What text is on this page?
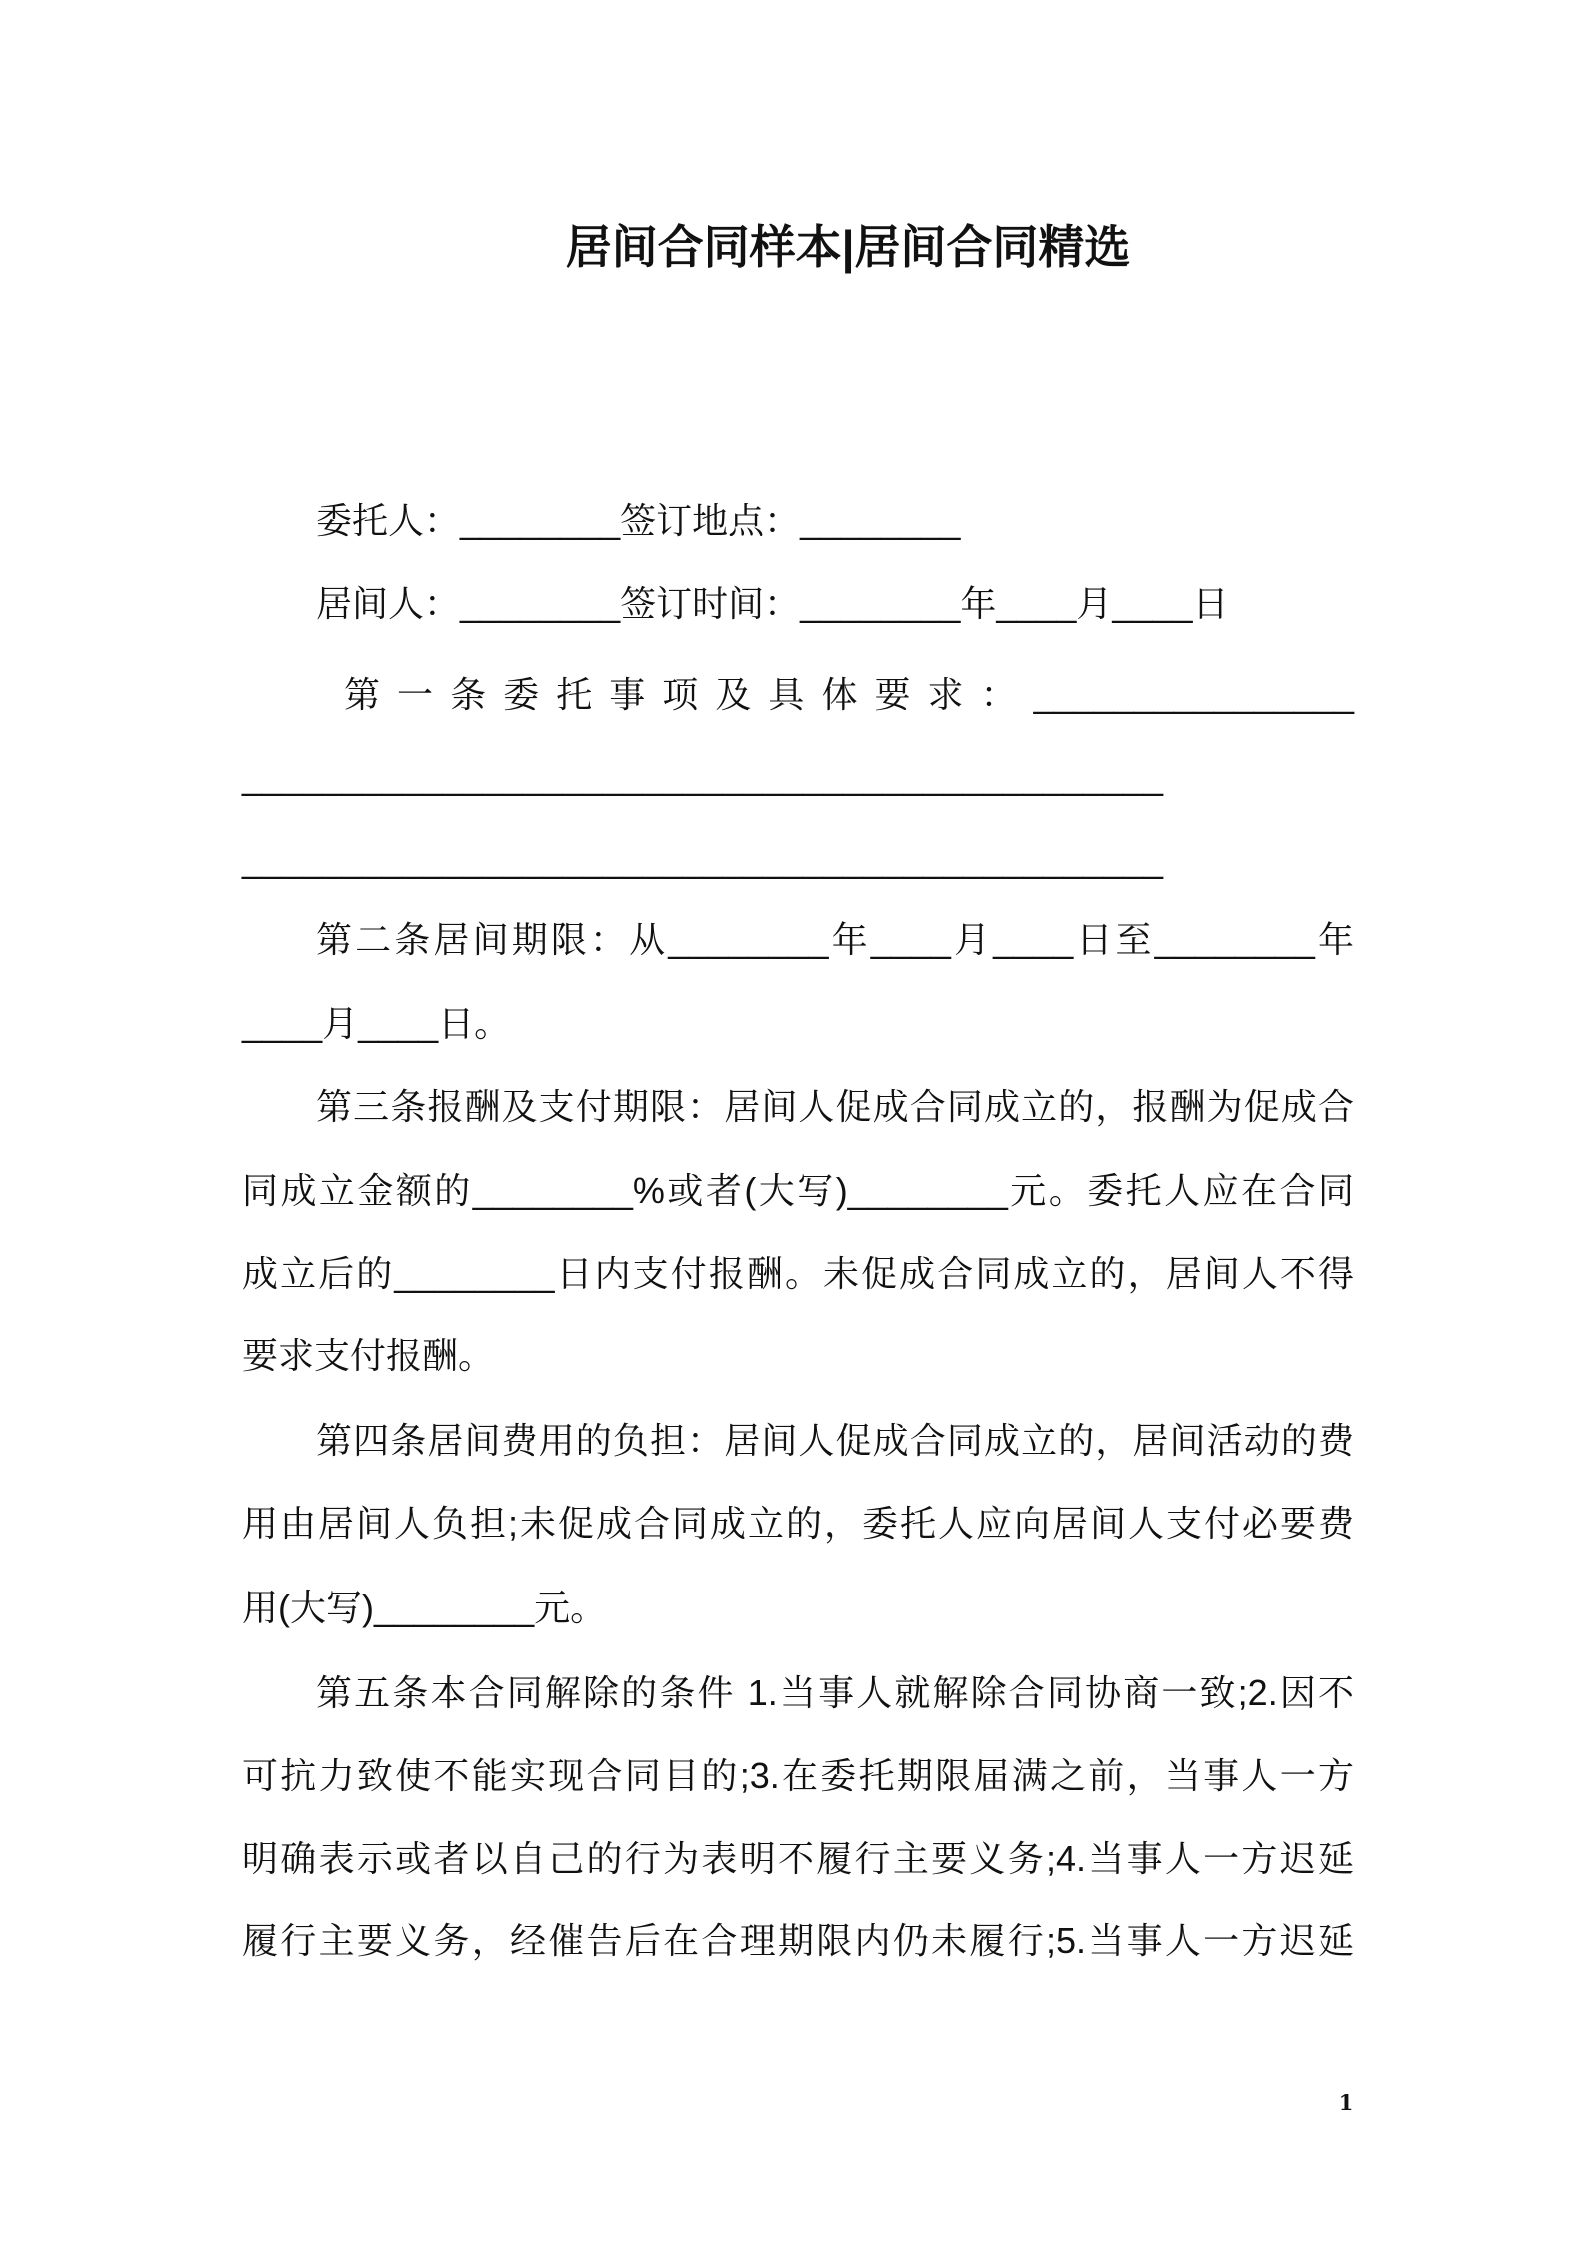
居间合同样本|居间合同精选

委托人：________签订地点：________

居间人：________签订时间：________年____月____日

第一条委托事项及具体要求：________________

______________________________________________

______________________________________________

第二条居间期限：从________年____月____日至________年

____月____日。

第三条报酬及支付期限：居间人促成合同成立的，报酬为促成合

同成立金额的________%或者(大写)________元。委托人应在合同

成立后的________日内支付报酬。未促成合同成立的，居间人不得

要求支付报酬。

第四条居间费用的负担：居间人促成合同成立的，居间活动的费

用由居间人负担;未促成合同成立的，委托人应向居间人支付必要费

用(大写)________元。

第五条本合同解除的条件 1.当事人就解除合同协商一致;2.因不

可抗力致使不能实现合同目的;3.在委托期限届满之前，当事人一方

明确表示或者以自己的行为表明不履行主要义务;4.当事人一方迟延

履行主要义务，经催告后在合理期限内仍未履行;5.当事人一方迟延

1
